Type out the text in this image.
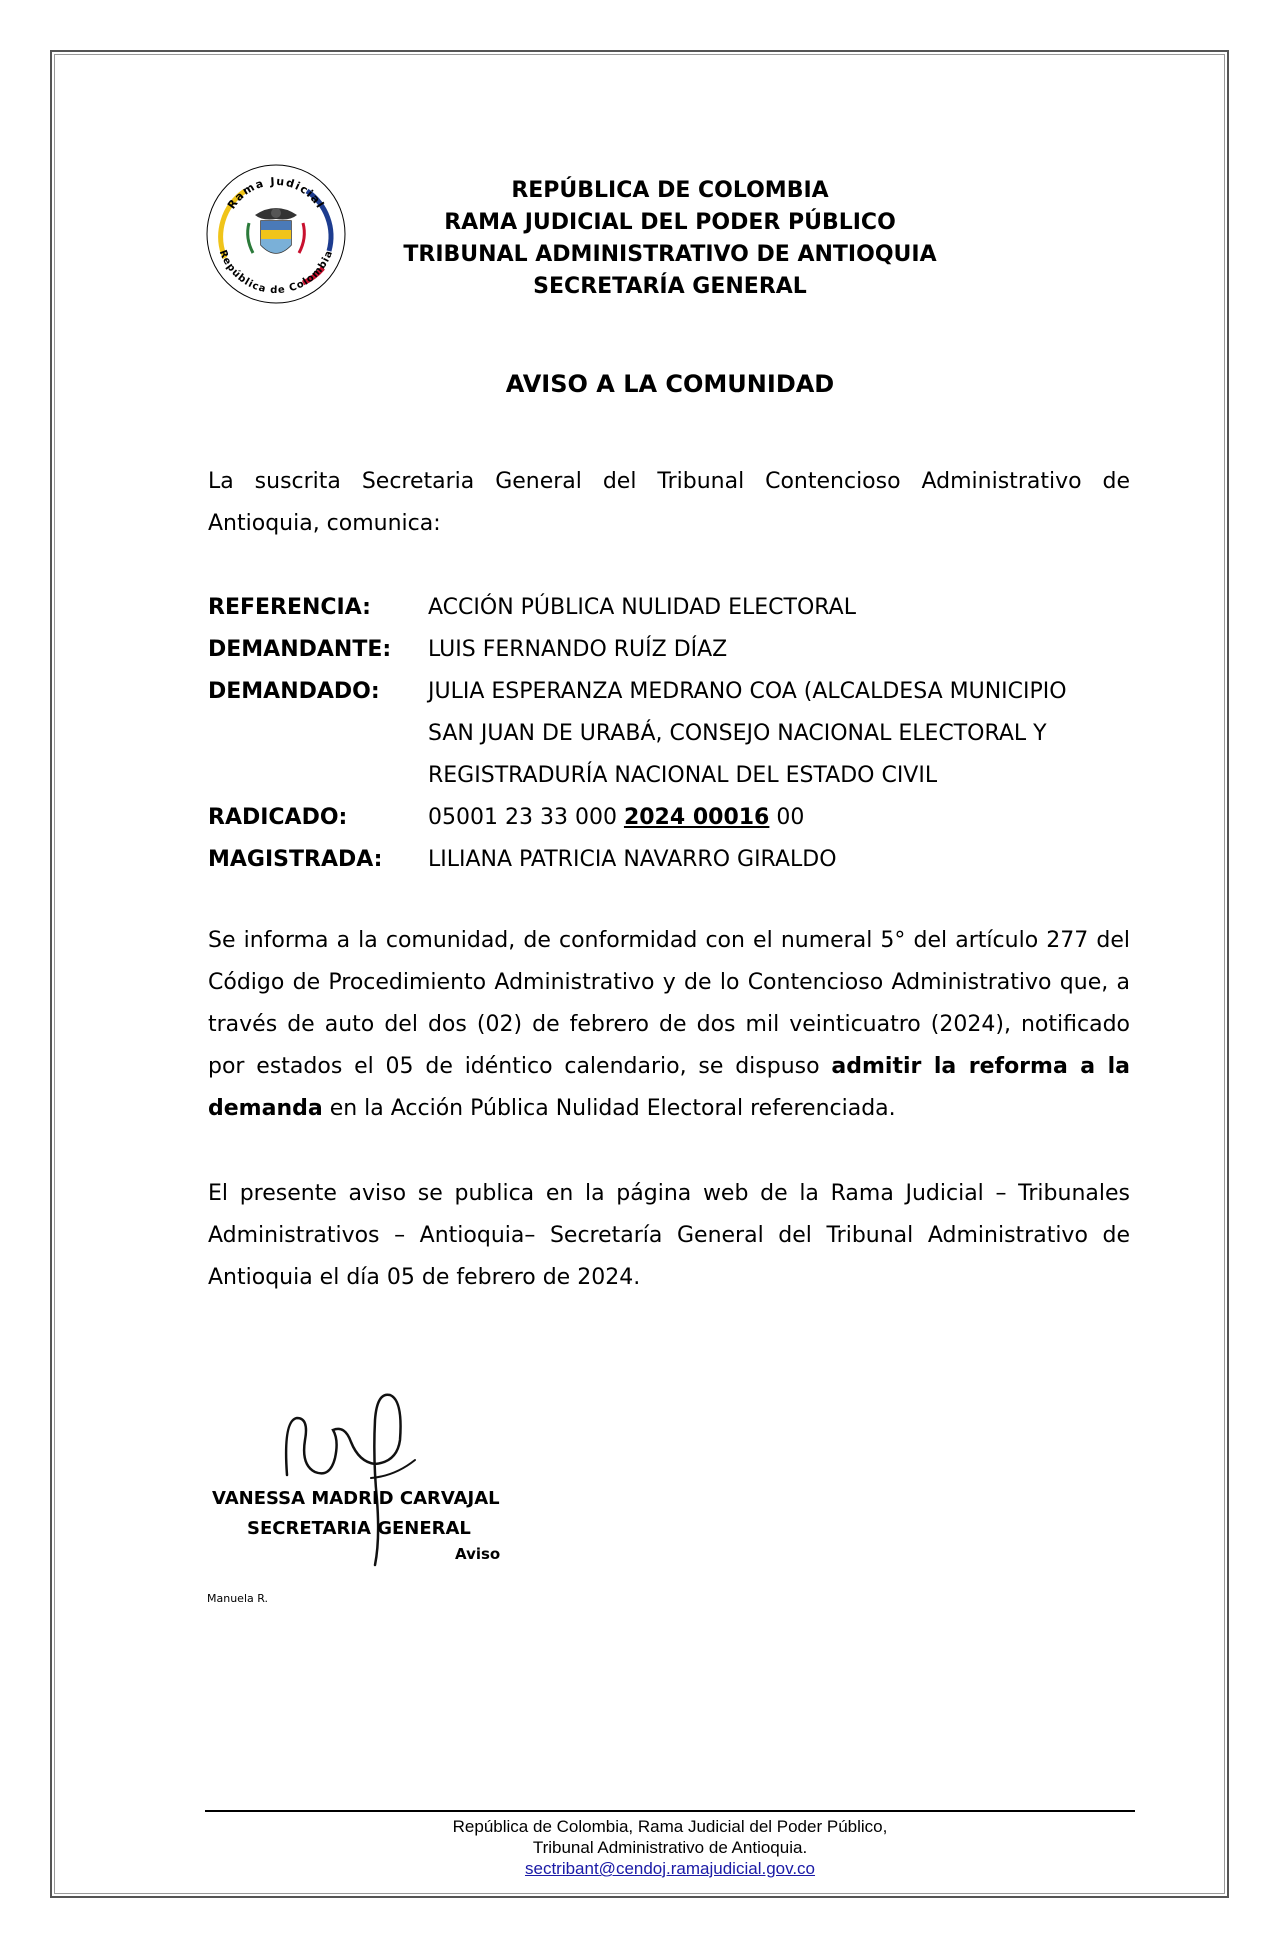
Rama Judicial
República de Colombia
REPÚBLICA DE COLOMBIA
RAMA JUDICIAL DEL PODER PÚBLICO
TRIBUNAL ADMINISTRATIVO DE ANTIOQUIA
SECRETARÍA GENERAL
AVISO A LA COMUNIDAD
La suscrita Secretaria General del Tribunal Contencioso Administrativo de Antioquia, comunica:
REFERENCIA:	ACCIÓN PÚBLICA NULIDAD ELECTORAL
DEMANDANTE:	LUIS FERNANDO RUÍZ DÍAZ
DEMANDADO:	JULIA ESPERANZA MEDRANO COA (ALCALDESA MUNICIPIO
SAN JUAN DE URABÁ, CONSEJO NACIONAL ELECTORAL Y
REGISTRADURÍA NACIONAL DEL ESTADO CIVIL
RADICADO:	05001 23 33 000 2024 00016 00
MAGISTRADA:	LILIANA PATRICIA NAVARRO GIRALDO
Se informa a la comunidad, de conformidad con el numeral 5° del artículo 277 del Código de Procedimiento Administrativo y de lo Contencioso Administrativo que, a través de auto del dos (02) de febrero de dos mil veinticuatro (2024), notificado por estados el 05 de idéntico calendario, se dispuso admitir la reforma a la demanda en la Acción Pública Nulidad Electoral referenciada.
El presente aviso se publica en la página web de la Rama Judicial – Tribunales Administrativos – Antioquia– Secretaría General del Tribunal Administrativo de Antioquia el día 05 de febrero de 2024.
VANESSA MADRID CARVAJAL
SECRETARIA GENERAL
Aviso
Manuela R.
República de Colombia, Rama Judicial del Poder Público,
Tribunal Administrativo de Antioquia.
sectribant@cendoj.ramajudicial.gov.co
